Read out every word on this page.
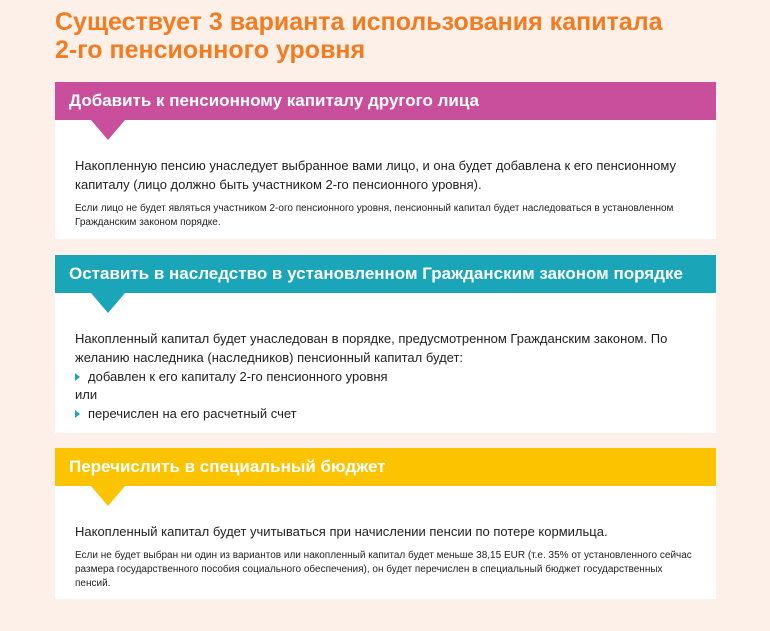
Существует 3 варианта использования капитала
2-го пенсионного уровня
Добавить к пенсионному капиталу другого лица

Накопленную пенсию унаследует выбранное вами лицо, и она будет добавлена к его пенсионному капиталу (лицо должно быть участником 2-го пенсионного уровня).

Если лицо не будет являться участником 2-ого пенсионного уровня, пенсионный капитал будет наследоваться в установленном Гражданским законом порядке.

Оставить в наследство в установленном Гражданским законом порядке

Накопленный капитал будет унаследован в порядке, предусмотренном Гражданским законом. По желанию наследника (наследников) пенсионный капитал будет:

добавлен к его капиталу 2-го пенсионного уровня

или

перечислен на его расчетный счет
Перечислить в специальный бюджет

Накопленный капитал будет учитываться при начислении пенсии по потере кормильца.

Если не будет выбран ни один из вариантов или накопленный капитал будет меньше 38,15 EUR (т.е. 35% от установленного сейчас размера государственного пособия социального обеспечения), он будет перечислен в специальный бюджет государственных пенсий.
